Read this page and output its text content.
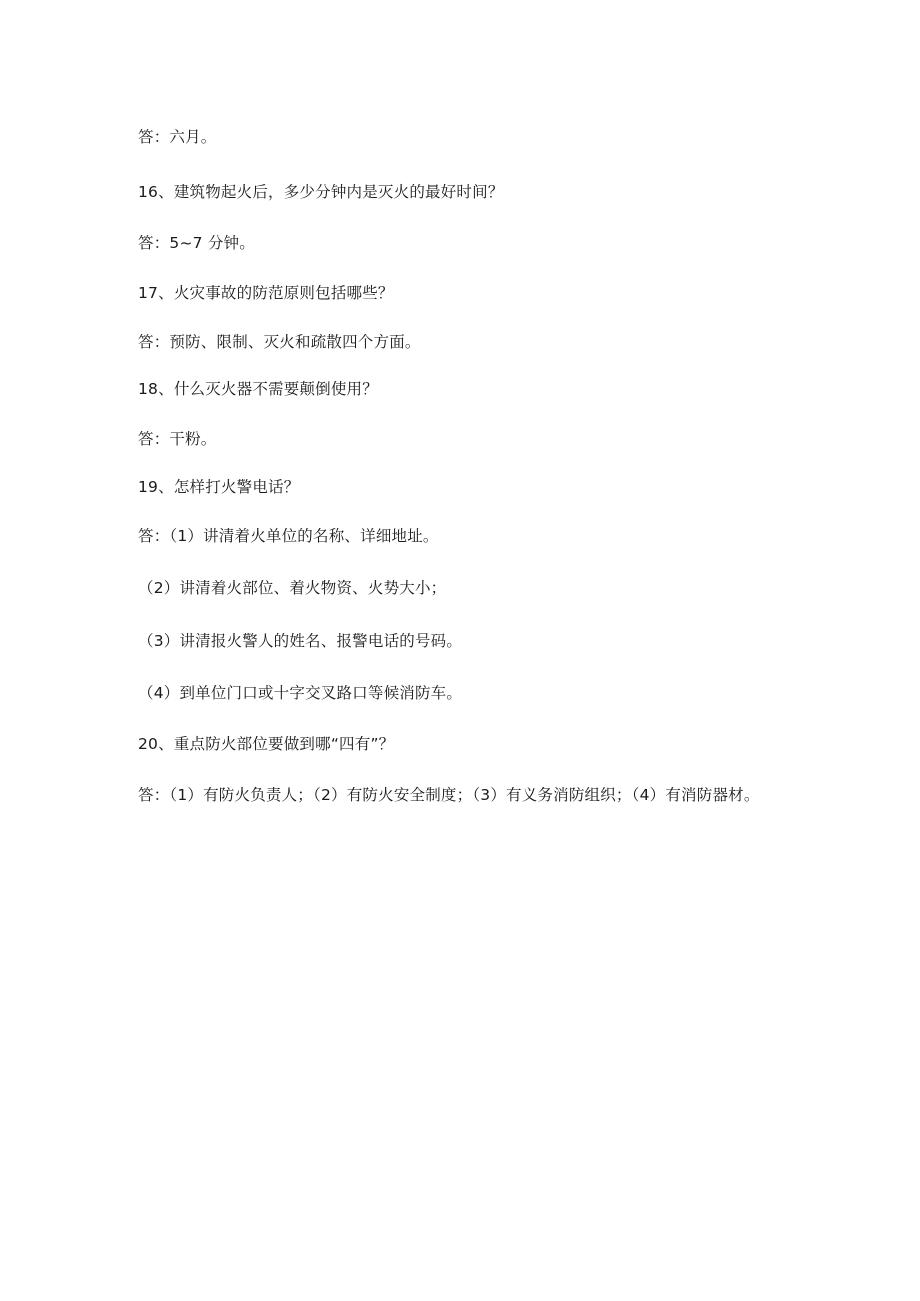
答：六月。
16、建筑物起火后，多少分钟内是灭火的最好时间？
答：5~7 分钟。
17、火灾事故的防范原则包括哪些？
答：预防、限制、灭火和疏散四个方面。
18、什么灭火器不需要颠倒使用？
答：干粉。
19、怎样打火警电话？
答：（1）讲清着火单位的名称、详细地址。
（2）讲清着火部位、着火物资、火势大小；
（3）讲清报火警人的姓名、报警电话的号码。
（4）到单位门口或十字交叉路口等候消防车。
20、重点防火部位要做到哪“四有”？
答：（1）有防火负责人；（2）有防火安全制度；（3）有义务消防组织；（4）有消防器材。
